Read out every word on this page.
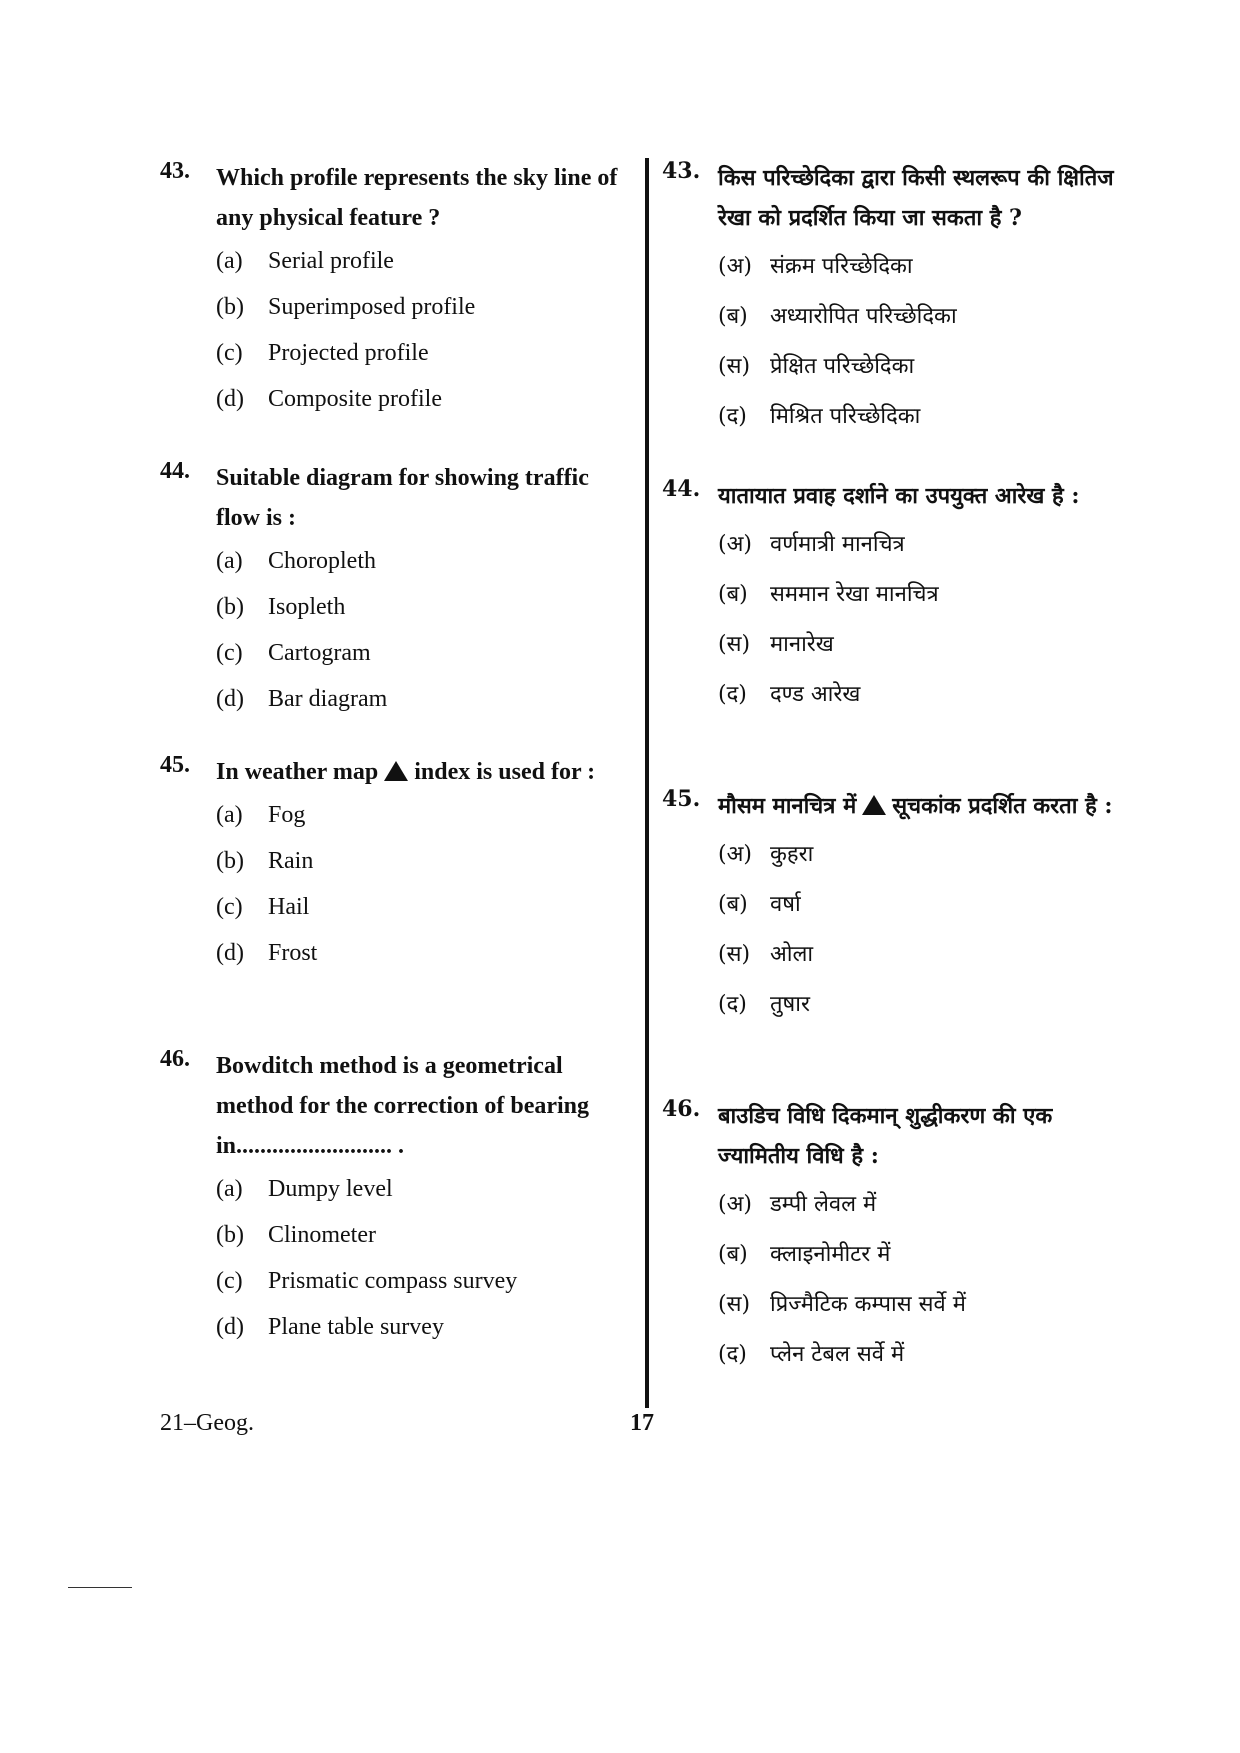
43.	Which profile represents the sky line of any physical feature ?
(a)	Serial profile
(b)	Superimposed profile
(c)	Projected profile
(d)	Composite profile
44.	Suitable diagram for showing traffic flow is :
(a)	Choropleth
(b)	Isopleth
(c)	Cartogram
(d)	Bar diagram
45.	In weather map index is used for :
(a)	Fog
(b)	Rain
(c)	Hail
(d)	Frost
46.	Bowditch method is a geometrical method for the correction of bearing in.......................... .
(a)	Dumpy level
(b)	Clinometer
(c)	Prismatic compass survey
(d)	Plane table survey
43. किस परिच्छेदिका द्वारा किसी स्थलरूप की क्षितिज रेखा को प्रदर्शित किया जा सकता है ?
(अ) संक्रम परिच्छेदिका
(ब)	अध्यारोपित परिच्छेदिका
(स) प्रेक्षित परिच्छेदिका
(द)	मिश्रित परिच्छेदिका
44. यातायात प्रवाह दर्शाने का उपयुक्त आरेख है :
(अ) वर्णमात्री मानचित्र
(ब)	सममान रेखा मानचित्र
(स) मानारेख
(द)	दण्ड आरेख
45. मौसम मानचित्र में सूचकांक प्रदर्शित करता है :
(अ) कुहरा
(ब)	वर्षा
(स) ओला
(द)	तुषार
46. बाउडिच विधि दिकमान् शुद्धीकरण की एक ज्यामितीय विधि है :
(अ) डम्पी लेवल में
(ब)	क्लाइनोमीटर में
(स) प्रिज्मैटिक कम्पास सर्वे में
(द)	प्लेन टेबल सर्वे में
21–Geog.	17
